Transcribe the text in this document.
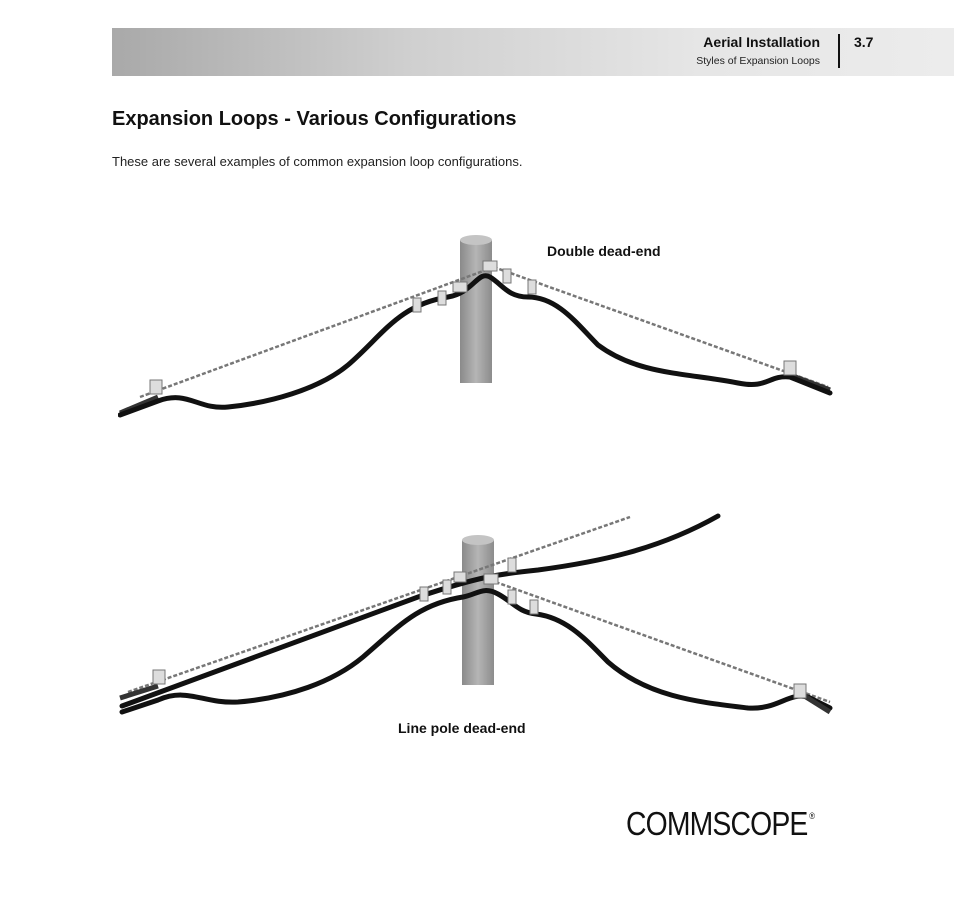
Aerial Installation
Styles of Expansion Loops
3.7
Expansion Loops - Various Configurations

These are several examples of common expansion loop configurations.

Double dead-end
Line pole dead-end
COMMSCOPE ®
